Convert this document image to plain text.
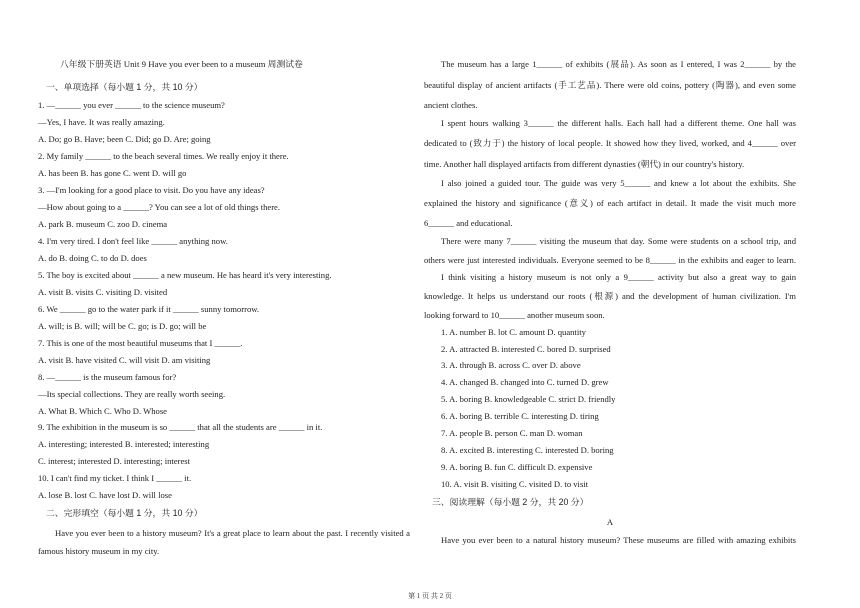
八年级下册英语 Unit 9 Have you ever been to a museum 周测试卷
一、单项选择（每小题 1 分，共 10 分）
1. —______ you ever ______ to the science museum?
—Yes, I have. It was really amazing.
A. Do; go B. Have; been C. Did; go D. Are; going
2. My family ______ to the beach several times. We really enjoy it there.
A. has been B. has gone C. went D. will go
3. —I'm looking for a good place to visit. Do you have any ideas?
—How about going to a ______? You can see a lot of old things there.
A. park B. museum C. zoo D. cinema
4. I'm very tired. I don't feel like ______ anything now.
A. do B. doing C. to do D. does
5. The boy is excited about ______ a new museum. He has heard it's very interesting.
A. visit B. visits C. visiting D. visited
6. We ______ go to the water park if it ______ sunny tomorrow.
A. will; is B. will; will be C. go; is D. go; will be
7. This is one of the most beautiful museums that I ______.
A. visit B. have visited C. will visit D. am visiting
8. —______ is the museum famous for?
—Its special collections. They are really worth seeing.
A. What B. Which C. Who D. Whose
9. The exhibition in the museum is so ______ that all the students are ______ in it.
A. interesting; interested B. interested; interesting
C. interest; interested D. interesting; interest
10. I can't find my ticket. I think I ______ it.
A. lose B. lost C. have lost D. will lose
二、完形填空（每小题 1 分，共 10 分）
Have you ever been to a history museum? It's a great place to learn about the past. I recently visited a
famous history museum in my city.
The museum has a large 1______ of exhibits (展品). As soon as I entered, I was 2______ by the
beautiful display of ancient artifacts (手工艺品). There were old coins, pottery (陶器), and even some
ancient clothes.
I spent hours walking 3______ the different halls. Each hall had a different theme. One hall was
dedicated to (致力于) the history of local people. It showed how they lived, worked, and 4______ over
time. Another hall displayed artifacts from different dynasties (朝代) in our country's history.
I also joined a guided tour. The guide was very 5______ and knew a lot about the exhibits. She
explained the history and significance (意义) of each artifact in detail. It made the visit much more
6______ and educational.
There were many 7______ visiting the museum that day. Some were students on a school trip, and
others were just interested individuals. Everyone seemed to be 8______ in the exhibits and eager to learn.
I think visiting a history museum is not only a 9______ activity but also a great way to gain
knowledge. It helps us understand our roots (根源) and the development of human civilization. I'm
looking forward to 10______ another museum soon.
1. A. number B. lot C. amount D. quantity
2. A. attracted B. interested C. bored D. surprised
3. A. through B. across C. over D. above
4. A. changed B. changed into C. turned D. grew
5. A. boring B. knowledgeable C. strict D. friendly
6. A. boring B. terrible C. interesting D. tiring
7. A. people B. person C. man D. woman
8. A. excited B. interesting C. interested D. boring
9. A. boring B. fun C. difficult D. expensive
10. A. visit B. visiting C. visited D. to visit
三、阅读理解（每小题 2 分，共 20 分）
A
Have you ever been to a natural history museum? These museums are filled with amazing exhibits
第 1 页 共 2 页
